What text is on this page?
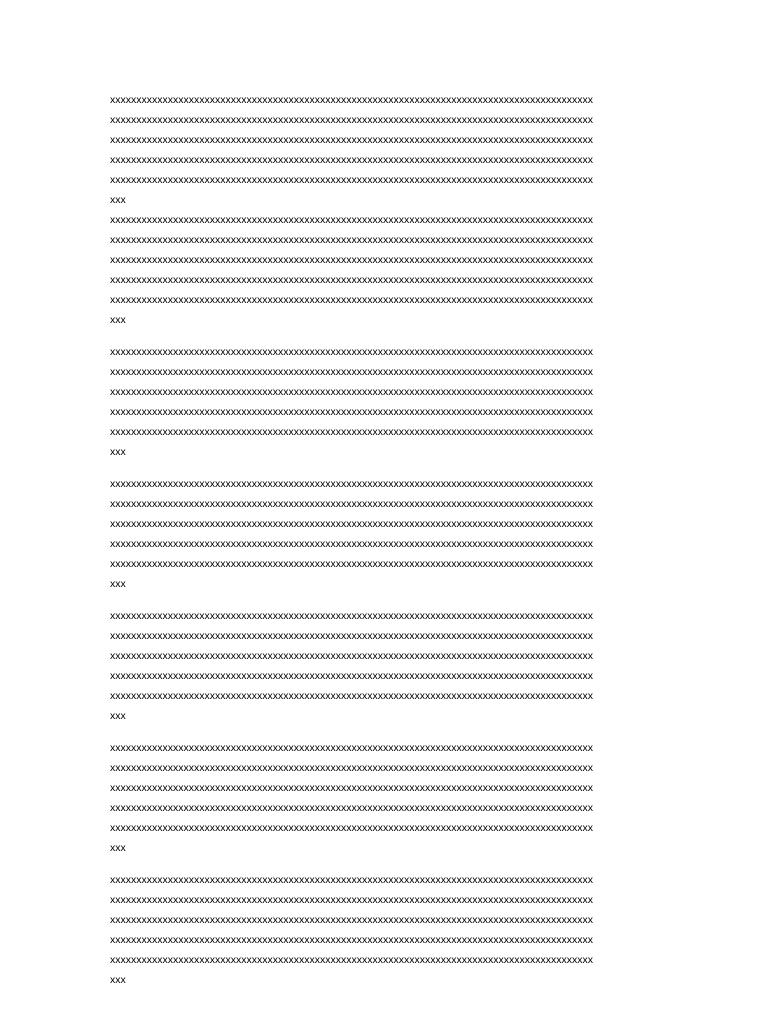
xxxxxxxxxxxxxxxxxxxxxxxxxxxxxxxxxxxxxxxxxxxxxxxxxxxxxxxxxxxxxxxxxxxxxxxxxxxxxxxxxxxxxxxxxxxx
xxxxxxxxxxxxxxxxxxxxxxxxxxxxxxxxxxxxxxxxxxxxxxxxxxxxxxxxxxxxxxxxxxxxxxxxxxxxxxxxxxxxxxxxxxxx
xxxxxxxxxxxxxxxxxxxxxxxxxxxxxxxxxxxxxxxxxxxxxxxxxxxxxxxxxxxxxxxxxxxxxxxxxxxxxxxxxxxxxxxxxxxx
xxxxxxxxxxxxxxxxxxxxxxxxxxxxxxxxxxxxxxxxxxxxxxxxxxxxxxxxxxxxxxxxxxxxxxxxxxxxxxxxxxxxxxxxxxxx
xxxxxxxxxxxxxxxxxxxxxxxxxxxxxxxxxxxxxxxxxxxxxxxxxxxxxxxxxxxxxxxxxxxxxxxxxxxxxxxxxxxxxxxxxxxx
xxx
xxxxxxxxxxxxxxxxxxxxxxxxxxxxxxxxxxxxxxxxxxxxxxxxxxxxxxxxxxxxxxxxxxxxxxxxxxxxxxxxxxxxxxxxxxxx
xxxxxxxxxxxxxxxxxxxxxxxxxxxxxxxxxxxxxxxxxxxxxxxxxxxxxxxxxxxxxxxxxxxxxxxxxxxxxxxxxxxxxxxxxxxx
xxxxxxxxxxxxxxxxxxxxxxxxxxxxxxxxxxxxxxxxxxxxxxxxxxxxxxxxxxxxxxxxxxxxxxxxxxxxxxxxxxxxxxxxxxxx
xxxxxxxxxxxxxxxxxxxxxxxxxxxxxxxxxxxxxxxxxxxxxxxxxxxxxxxxxxxxxxxxxxxxxxxxxxxxxxxxxxxxxxxxxxxx
xxxxxxxxxxxxxxxxxxxxxxxxxxxxxxxxxxxxxxxxxxxxxxxxxxxxxxxxxxxxxxxxxxxxxxxxxxxxxxxxxxxxxxxxxxxx
xxx
xxxxxxxxxxxxxxxxxxxxxxxxxxxxxxxxxxxxxxxxxxxxxxxxxxxxxxxxxxxxxxxxxxxxxxxxxxxxxxxxxxxxxxxxxxxx
xxxxxxxxxxxxxxxxxxxxxxxxxxxxxxxxxxxxxxxxxxxxxxxxxxxxxxxxxxxxxxxxxxxxxxxxxxxxxxxxxxxxxxxxxxxx
xxxxxxxxxxxxxxxxxxxxxxxxxxxxxxxxxxxxxxxxxxxxxxxxxxxxxxxxxxxxxxxxxxxxxxxxxxxxxxxxxxxxxxxxxxxx
xxxxxxxxxxxxxxxxxxxxxxxxxxxxxxxxxxxxxxxxxxxxxxxxxxxxxxxxxxxxxxxxxxxxxxxxxxxxxxxxxxxxxxxxxxxx
xxxxxxxxxxxxxxxxxxxxxxxxxxxxxxxxxxxxxxxxxxxxxxxxxxxxxxxxxxxxxxxxxxxxxxxxxxxxxxxxxxxxxxxxxxxx
xxx
xxxxxxxxxxxxxxxxxxxxxxxxxxxxxxxxxxxxxxxxxxxxxxxxxxxxxxxxxxxxxxxxxxxxxxxxxxxxxxxxxxxxxxxxxxxx
xxxxxxxxxxxxxxxxxxxxxxxxxxxxxxxxxxxxxxxxxxxxxxxxxxxxxxxxxxxxxxxxxxxxxxxxxxxxxxxxxxxxxxxxxxxx
xxxxxxxxxxxxxxxxxxxxxxxxxxxxxxxxxxxxxxxxxxxxxxxxxxxxxxxxxxxxxxxxxxxxxxxxxxxxxxxxxxxxxxxxxxxx
xxxxxxxxxxxxxxxxxxxxxxxxxxxxxxxxxxxxxxxxxxxxxxxxxxxxxxxxxxxxxxxxxxxxxxxxxxxxxxxxxxxxxxxxxxxx
xxxxxxxxxxxxxxxxxxxxxxxxxxxxxxxxxxxxxxxxxxxxxxxxxxxxxxxxxxxxxxxxxxxxxxxxxxxxxxxxxxxxxxxxxxxx
xxx
xxxxxxxxxxxxxxxxxxxxxxxxxxxxxxxxxxxxxxxxxxxxxxxxxxxxxxxxxxxxxxxxxxxxxxxxxxxxxxxxxxxxxxxxxxxx
xxxxxxxxxxxxxxxxxxxxxxxxxxxxxxxxxxxxxxxxxxxxxxxxxxxxxxxxxxxxxxxxxxxxxxxxxxxxxxxxxxxxxxxxxxxx
xxxxxxxxxxxxxxxxxxxxxxxxxxxxxxxxxxxxxxxxxxxxxxxxxxxxxxxxxxxxxxxxxxxxxxxxxxxxxxxxxxxxxxxxxxxx
xxxxxxxxxxxxxxxxxxxxxxxxxxxxxxxxxxxxxxxxxxxxxxxxxxxxxxxxxxxxxxxxxxxxxxxxxxxxxxxxxxxxxxxxxxxx
xxxxxxxxxxxxxxxxxxxxxxxxxxxxxxxxxxxxxxxxxxxxxxxxxxxxxxxxxxxxxxxxxxxxxxxxxxxxxxxxxxxxxxxxxxxx
xxx
xxxxxxxxxxxxxxxxxxxxxxxxxxxxxxxxxxxxxxxxxxxxxxxxxxxxxxxxxxxxxxxxxxxxxxxxxxxxxxxxxxxxxxxxxxxx
xxxxxxxxxxxxxxxxxxxxxxxxxxxxxxxxxxxxxxxxxxxxxxxxxxxxxxxxxxxxxxxxxxxxxxxxxxxxxxxxxxxxxxxxxxxx
xxxxxxxxxxxxxxxxxxxxxxxxxxxxxxxxxxxxxxxxxxxxxxxxxxxxxxxxxxxxxxxxxxxxxxxxxxxxxxxxxxxxxxxxxxxx
xxxxxxxxxxxxxxxxxxxxxxxxxxxxxxxxxxxxxxxxxxxxxxxxxxxxxxxxxxxxxxxxxxxxxxxxxxxxxxxxxxxxxxxxxxxx
xxxxxxxxxxxxxxxxxxxxxxxxxxxxxxxxxxxxxxxxxxxxxxxxxxxxxxxxxxxxxxxxxxxxxxxxxxxxxxxxxxxxxxxxxxxx
xxx
xxxxxxxxxxxxxxxxxxxxxxxxxxxxxxxxxxxxxxxxxxxxxxxxxxxxxxxxxxxxxxxxxxxxxxxxxxxxxxxxxxxxxxxxxxxx
xxxxxxxxxxxxxxxxxxxxxxxxxxxxxxxxxxxxxxxxxxxxxxxxxxxxxxxxxxxxxxxxxxxxxxxxxxxxxxxxxxxxxxxxxxxx
xxxxxxxxxxxxxxxxxxxxxxxxxxxxxxxxxxxxxxxxxxxxxxxxxxxxxxxxxxxxxxxxxxxxxxxxxxxxxxxxxxxxxxxxxxxx
xxxxxxxxxxxxxxxxxxxxxxxxxxxxxxxxxxxxxxxxxxxxxxxxxxxxxxxxxxxxxxxxxxxxxxxxxxxxxxxxxxxxxxxxxxxx
xxxxxxxxxxxxxxxxxxxxxxxxxxxxxxxxxxxxxxxxxxxxxxxxxxxxxxxxxxxxxxxxxxxxxxxxxxxxxxxxxxxxxxxxxxxx
xxx
